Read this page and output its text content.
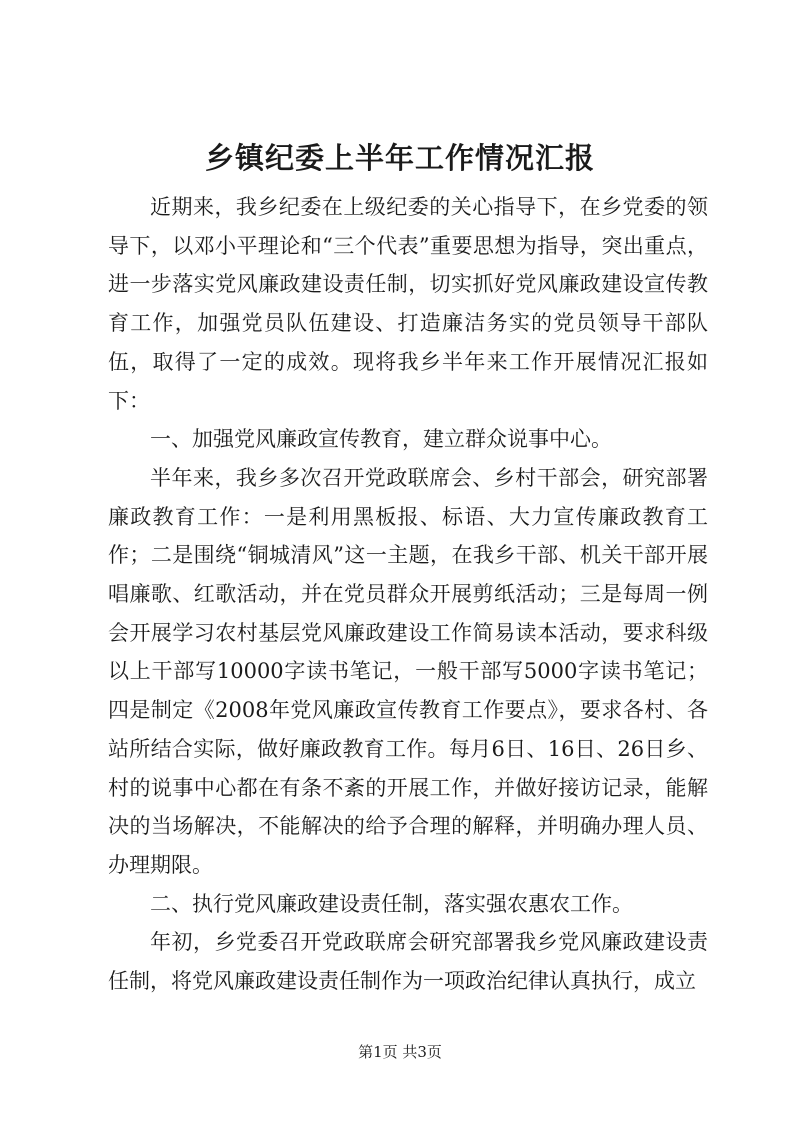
乡镇纪委上半年工作情况汇报

近期来，我乡纪委在上级纪委的关心指导下，在乡党委的领导下，以邓小平理论和“三个代表”重要思想为指导，突出重点，进一步落实党风廉政建设责任制，切实抓好党风廉政建设宣传教育工作，加强党员队伍建设、打造廉洁务实的党员领导干部队伍，取得了一定的成效。现将我乡半年来工作开展情况汇报如下：

一、加强党风廉政宣传教育，建立群众说事中心。

半年来，我乡多次召开党政联席会、乡村干部会，研究部署廉政教育工作：一是利用黑板报、标语、大力宣传廉政教育工作；二是围绕“铜城清风”这一主题，在我乡干部、机关干部开展唱廉歌、红歌活动，并在党员群众开展剪纸活动；三是每周一例会开展学习农村基层党风廉政建设工作简易读本活动，要求科级以上干部写10000字读书笔记，一般干部写5000字读书笔记；四是制定《2008年党风廉政宣传教育工作要点》，要求各村、各站所结合实际，做好廉政教育工作。每月6日、16日、26日乡、村的说事中心都在有条不紊的开展工作，并做好接访记录，能解决的当场解决，不能解决的给予合理的解释，并明确办理人员、办理期限。

二、执行党风廉政建设责任制，落实强农惠农工作。

年初，乡党委召开党政联席会研究部署我乡党风廉政建设责任制，将党风廉政建设责任制作为一项政治纪律认真执行，成立

第1页 共3页
